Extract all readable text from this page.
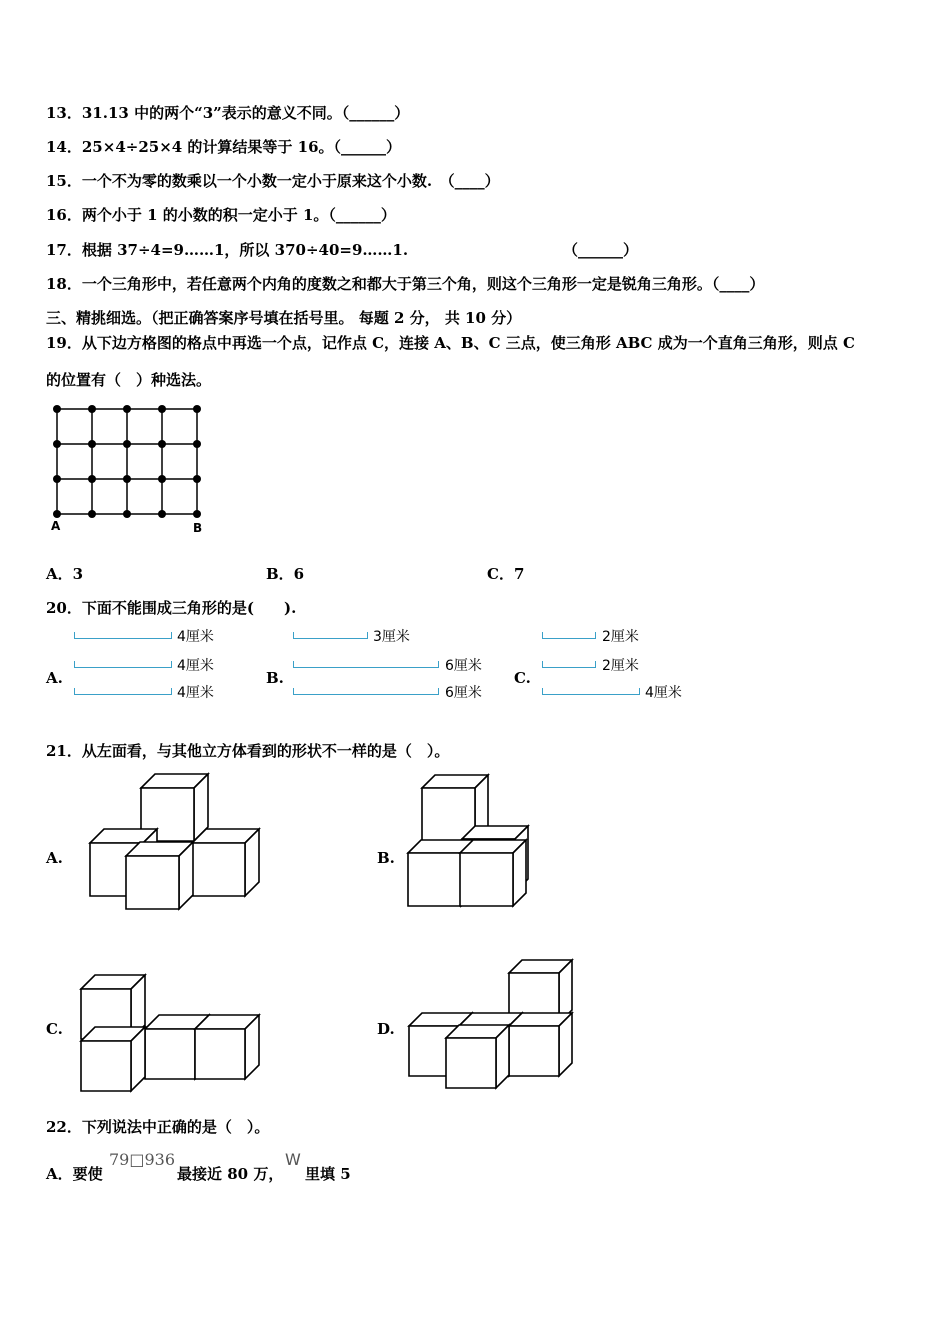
13．31.13 中的两个“3”表示的意义不同。（______）
14．25×4÷25×4 的计算结果等于 16。（______）
15．一个不为零的数乘以一个小数一定小于原来这个小数.　（____）
16．两个小于 1 的小数的积一定小于 1。（______）
17．根据 37÷4=9……1，所以 370÷40=9……1.	（______）
18．一个三角形中，若任意两个内角的度数之和都大于第三个角，则这个三角形一定是锐角三角形。（____）
三、精挑细选。（把正确答案序号填在括号里。 每题 2 分， 共 10 分）
19．从下边方格图的格点中再选一个点，记作点 C，连接 A、B、C 三点，使三角形 ABC 成为一个直角三角形，则点 C
的位置有（　）种选法。
A	B
A．3	B．6	C．7
20．下面不能围成三角形的是(　　).
A.
4厘米
4厘米
4厘米
B.
3厘米
6厘米
6厘米
C.
2厘米
2厘米
4厘米
21．从左面看，与其他立方体看到的形状不一样的是（　）。
A.	B.
C.	D.
22．下列说法中正确的是（　）。
A．要使
79□936
最接近 80 万，
W
里填 5
